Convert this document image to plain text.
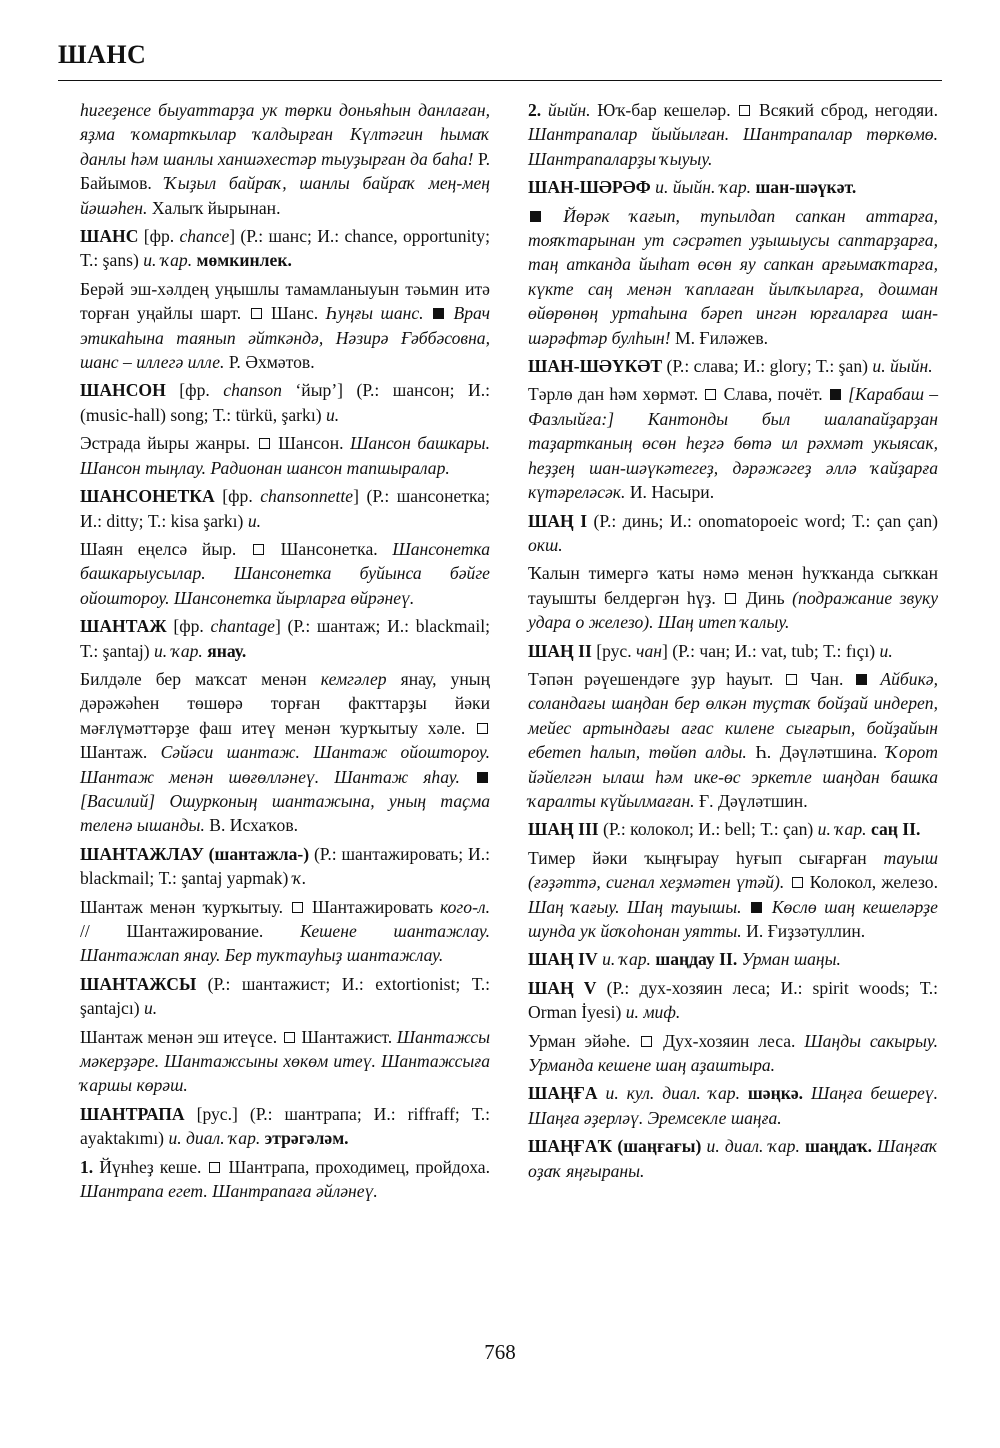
ШАНС

һигеҙенсе быуаттарҙа ук төрки доньяһын данлаған, яҙма ҡомарткылар ҡалдырған Күлтәгин һымаҡ данлы һәм шанлы ханшәхестәр тыуҙырған да баһа! Р. Байымов. Ҡыҙыл байраҡ, шанлы байраҡ мең-мең йәшәһен. Халыҡ йырынан.

ШАНС [фр. chance] (Р.: шанс; И.: chance, opportunity; Т.: şans) и. ҡар. мөмкинлек.

Берәй эш-хәлдең уңышлы тамамланыуын тәьмин итә торған уңайлы шарт.  Шанс. Һуңғы шанс. Врач этикаһына таянып әйткәндә, Нәзирә Ғәббәсовна, шанс – иллегә илле. Р. Әхмәтов.

ШАНСОН [фр. chanson ‘йыр’] (Р.: шансон; И.: (music-hall) song; Т.: türkü, şarkı) и.

Эстрада йыры жанры.  Шансон. Шансон башкары. Шансон тыңлау. Радионан шансон тапшыралар.

ШАНСОНЕТКА [фр. chansonnette] (Р.: шансонетка; И.: ditty; Т.: kisa şarkı) и.

Шаян еңелсә йыр.  Шансонетка. Шансонетка башкарыусылар. Шансонетка буйынса бәйге ойоштороу. Шансонетка йырларға өйрәнеү.

ШАНТАЖ [фр. chantage] (Р.: шантаж; И.: blackmail; Т.: şantaj) и. ҡар. янау.

Билдәле бер маҡсат менән кемгәлер янау, уның дәрәжәһен төшөрә торған факттарҙы йәки мәғлүмәттәрҙе фаш итеү менән ҡурҡытыу хәле.  Шантаж. Сәйәси шантаж. Шантаж ойоштороу. Шантаж менән шөғөлләнеү. Шантаж яһау.  [Василий] Ошурконың шантажына, уның таҫма теленә ышанды. В. Исхаҡов.

ШАНТАЖЛАУ (шантажла-) (Р.: шантажировать; И.: blackmail; Т.: şantaj yapmak) ҡ.

Шантаж менән ҡурҡытыу.  Шантажировать кого-л. // Шантажирование. Кешене шантажлау. Шантажлап янау. Бер туҡтауһыҙ шантажлау.

ШАНТАЖСЫ (Р.: шантажист; И.: extortionist; Т.: şantajcı) и.

Шантаж менән эш итеүсе.  Шантажист. Шантажсы мәкерҙәре. Шантажсыны хөкөм итеү. Шантажсыға ҡаршы көрәш.

ШАНТРАПА [рус.] (Р.: шантрапа; И.: riffraff; Т.: ayaktakımı) и. диал. ҡар. этрәгәләм.

1. Йүнһеҙ кеше.  Шантрапа, проходимец, пройдоха. Шантрапа егет. Шантрапаға әйләнеү.

2. йыйн. Юҡ-бар кешеләр.  Всякий сброд, негодяи. Шантрапалар йыйылған. Шантрапалар төркөмө. Шантрапаларҙы ҡыуыу.

ШАН-ШӘРӘФ и. йыйн. ҡар. шан-шәүкәт.

Йөрәк ҡағып, тупылдап сапкан аттарға, тояҡтарынан ут сәсрәтеп уҙышыусы саптарҙарға, таң атканда йыһат өсөн яу сапкан арғымаҡтарға, күкте саң менән ҡаплаған йылҡыларға, дошман өйөрөнөң уртаһына бәреп ингән юрғаларға шан-шәрәфтәр булһын! М. Ғиләжев.

ШАН-ШӘҮКӘТ (Р.: слава; И.: glory; Т.: şan) и. йыйн.

Тәрлө дан һәм хөрмәт.  Слава, почёт.  [Карабаш – Фазлыйға:] Кантонды был шалапайҙарҙан таҙартканың өсөн һеҙгә бөтә ил рәхмәт укыясак, һеҙҙең шан-шәүкәтегеҙ, дәрәжәгеҙ әллә ҡайҙарға күтәреләсәк. И. Насыри.

ШАҢ I (Р.: динь; И.: onomatopoeic word; Т.: çan çan) окш.

Ҡалын тимергә ҡаты нәмә менән һуҡҡанда сыҡкан тауышты белдергән һүҙ.  Динь (подражание звуку удара о железо). Шаң итеп ҡалыу.

ШАҢ II [рус. чан] (Р.: чан; И.: vat, tub; Т.: fıçı) и.

Тәпән рәүешендәге ҙур һауыт.  Чан.  Айбикә, соландағы шаңдан бер өлкән туҫтаҡ бойҙай индереп, мейес артындағы ағас килене сығарып, бойҙайын ебетеп һалып, төйөп алды. Һ. Дәүләтшина. Ҡорот йәйелгән ылаш һәм ике-өс эркетле шаңдан башка ҡаралты күйылмаған. Ғ. Дәүләтшин.

ШАҢ III (Р.: колокол; И.: bell; Т.: çan) и. ҡар. саң II.

Тимер йәки ҡыңғырау һуғып сығарған тауыш (ғәҙәттә, сигнал хеҙмәтен үтәй).  Колокол, железо. Шаң ҡағыу. Шаң тауышы. Көслө шаң кешеләрҙе шунда ук йоҡоһонан уятты. И. Ғиҙзәтуллин.

ШАҢ IV и. ҡар. шаңдау II. Урман шаңы.

ШАҢ V (Р.: дух-хозяин леса; И.: spirit woods; Т.: Orman İyesi) и. миф.

Урман эйәһе.  Дух-хозяин леса. Шаңды сакырыу. Урманда кешене шаң аҙаштыра.

ШАҢҒА и. кул. диал. ҡар. шәңкә. Шаңға бешереү. Шаңға әҙерләү. Эремсекле шаңға.

ШАҢҒАҠ (шаңғағы) и. диал. ҡар. шаңдаҡ. Шаңғаҡ оҙаҡ яңғыраны.

768
